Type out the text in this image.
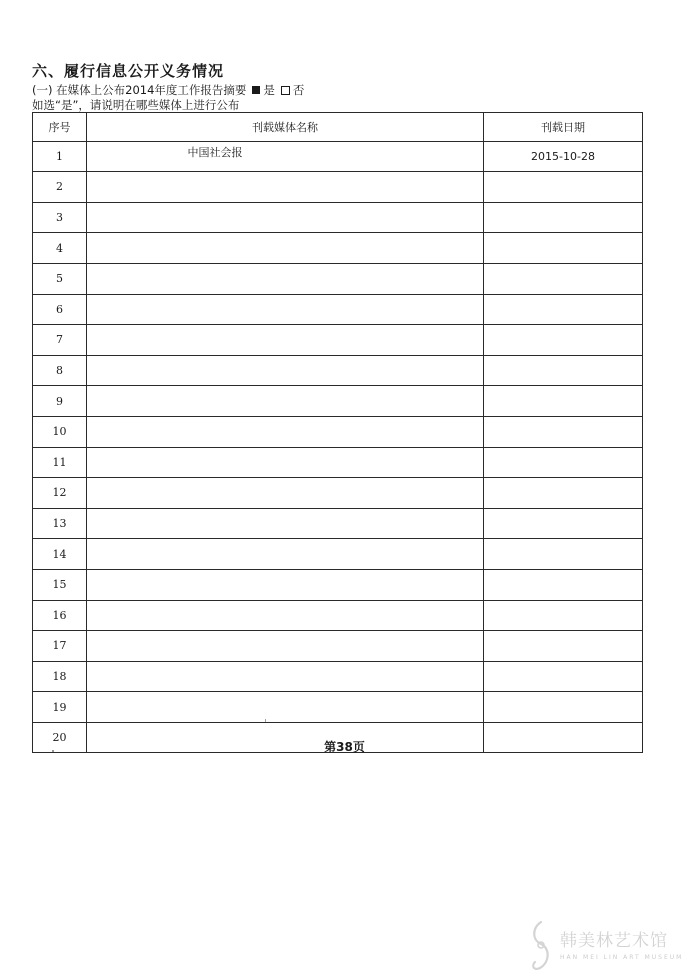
六、履行信息公开义务情况
(一) 在媒体上公布2014年度工作报告摘要 是 否
如选“是”，请说明在哪些媒体上进行公布
序号	刊载媒体名称	刊载日期
1	中国社会报	2015-10-28
2		
3		
4		
5		
6		
7		
8		
9		
10		
11		
12		
13		
14		
15		
16		
17		
18		
19		
20		
第38页
韩美林艺术馆
HAN MEI LIN ART MUSEUM
